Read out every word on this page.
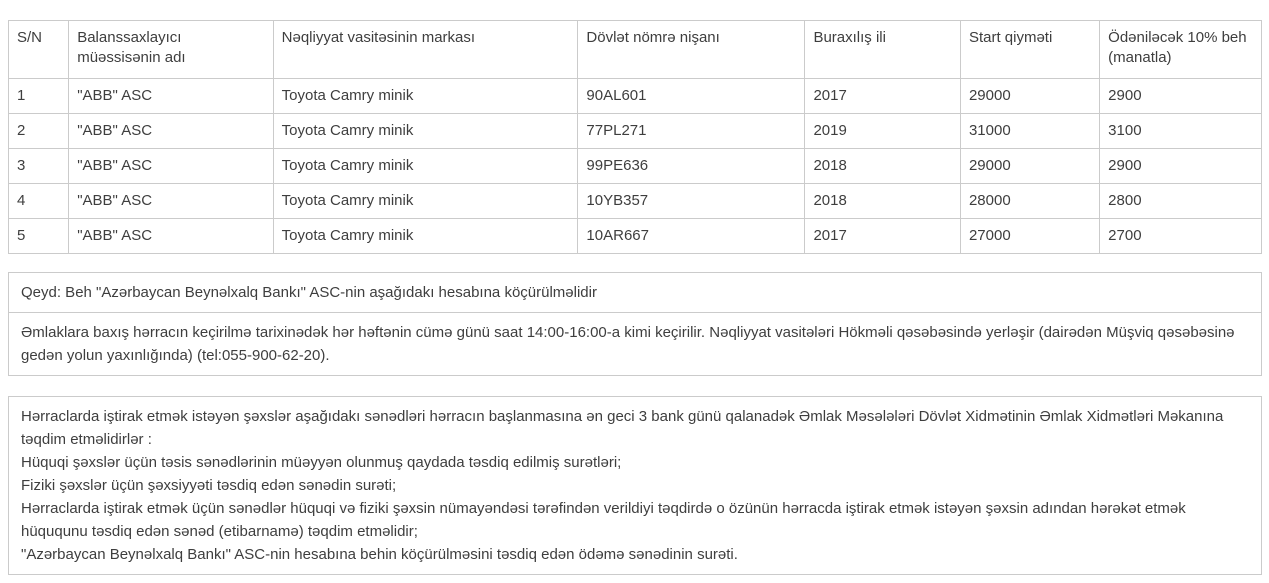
S/N	Balanssaxlayıcı müəssisənin adı	Nəqliyyat vasitəsinin markası	Dövlət nömrə nişanı	Buraxılış ili	Start qiyməti	Ödəniləcək 10% beh (manatla)
1	"ABB" ASC	Toyota Camry minik	90AL601	2017	29000	2900
2	"ABB" ASC	Toyota Camry minik	77PL271	2019	31000	3100
3	"ABB" ASC	Toyota Camry minik	99PE636	2018	29000	2900
4	"ABB" ASC	Toyota Camry minik	10YB357	2018	28000	2800
5	"ABB" ASC	Toyota Camry minik	10AR667	2017	27000	2700
Qeyd: Beh "Azərbaycan Beynəlxalq Bankı" ASC-nin aşağıdakı hesabına köçürülməlidir
Əmlaklara baxış hərracın keçirilmə tarixinədək hər həftənin cümə günü saat 14:00-16:00-a kimi keçirilir. Nəqliyyat vasitələri Hökməli qəsəbəsində yerləşir (dairədən Müşviq qəsəbəsinə gedən yolun yaxınlığında) (tel:055-900-62-20).

Hərraclarda iştirak etmək istəyən şəxslər aşağıdakı sənədləri hərracın başlanmasına ən geci 3 bank günü qalanadək Əmlak Məsələləri Dövlət Xidmətinin Əmlak Xidmətləri Məkanına təqdim etməlidirlər :

Hüquqi şəxslər üçün təsis sənədlərinin müəyyən olunmuş qaydada təsdiq edilmiş surətləri;

Fiziki şəxslər üçün şəxsiyyəti təsdiq edən sənədin surəti;

Hərraclarda iştirak etmək üçün sənədlər hüquqi və fiziki şəxsin nümayəndəsi tərəfindən verildiyi təqdirdə o özünün hərracda iştirak etmək istəyən şəxsin adından hərəkət etmək hüququnu təsdiq edən sənəd (etibarnamə) təqdim etməlidir;

"Azərbaycan Beynəlxalq Bankı" ASC-nin hesabına behin köçürülməsini təsdiq edən ödəmə sənədinin surəti.
